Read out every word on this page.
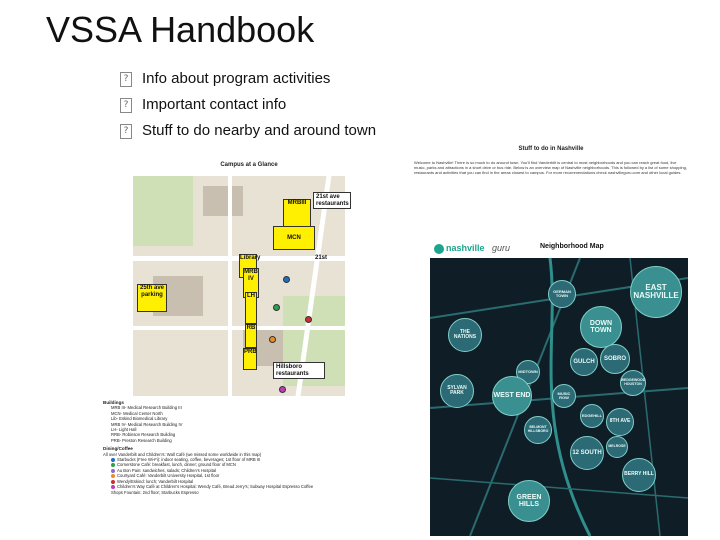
VSSA Handbook
? Info about program activities
? Important contact info
? Stuff to do nearby and around town
Campus at a Glance
MRBIII
21st ave
restaurants
MCN
Library
MRB IV
LH
25th ave
parking
RB
PRB
21st
Hillsboro
restaurants
Buildings
MRB III- Medical Research Building III
MCN- Medical Center North
Lib- Eskind Biomedical Library
MRB IV- Medical Research Building IV
LH- Light Hall
RRB- Robinson Research Building
PRB- Preston Research Building
Dining/Coffee
All over Vanderbilt and Children's: Wall Café (we missed some worldwide in this map)
Starbucks (Free Wi-Fi): indoor seating, coffee, beverages; 1st floor of MRB III
Cornerstone Café: breakfast, lunch, dinner; ground floor of MCN
Au Bon Pain: sandwiches, salads; Children's Hospital
Courtyard Café: Vanderbilt University Hospital, 1st floor
Wendy/Eskind: lunch; Vanderbilt Hospital
Children's Way Café at Children's Hospital: Wendy Café, Bread Jerry's; Subway Hospital Espresso Coffee
Shops Fountain: 2nd floor; Starbucks Espresso
Stuff to do in Nashville
Welcome to Nashville! There is so much to do around town. You'll find Vanderbilt is central to most neighborhoods and you can reach great food, live music, parks and attractions in a short drive or bus ride. Below is an overview map of Nashville neighborhoods. This is followed by a list of some shopping, restaurants and activities that you can find in the areas closest to campus. For more recommendations check nashvilleguru.com and other local guides.
nashville guru	Neighborhood Map
EAST NASHVILLE
GERMAN TOWN
DOWN TOWN
THE NATIONS
GULCH SOBRO
MIDTOWN
SYLVAN PARK	WEST END	MUSIC ROW
BELMONT HILLSBORO
12 SOUTH
8TH AVE
BERRY HILL
GREEN HILLS
WEDGEWOOD HOUSTON
MELROSE
EDGEHILL
